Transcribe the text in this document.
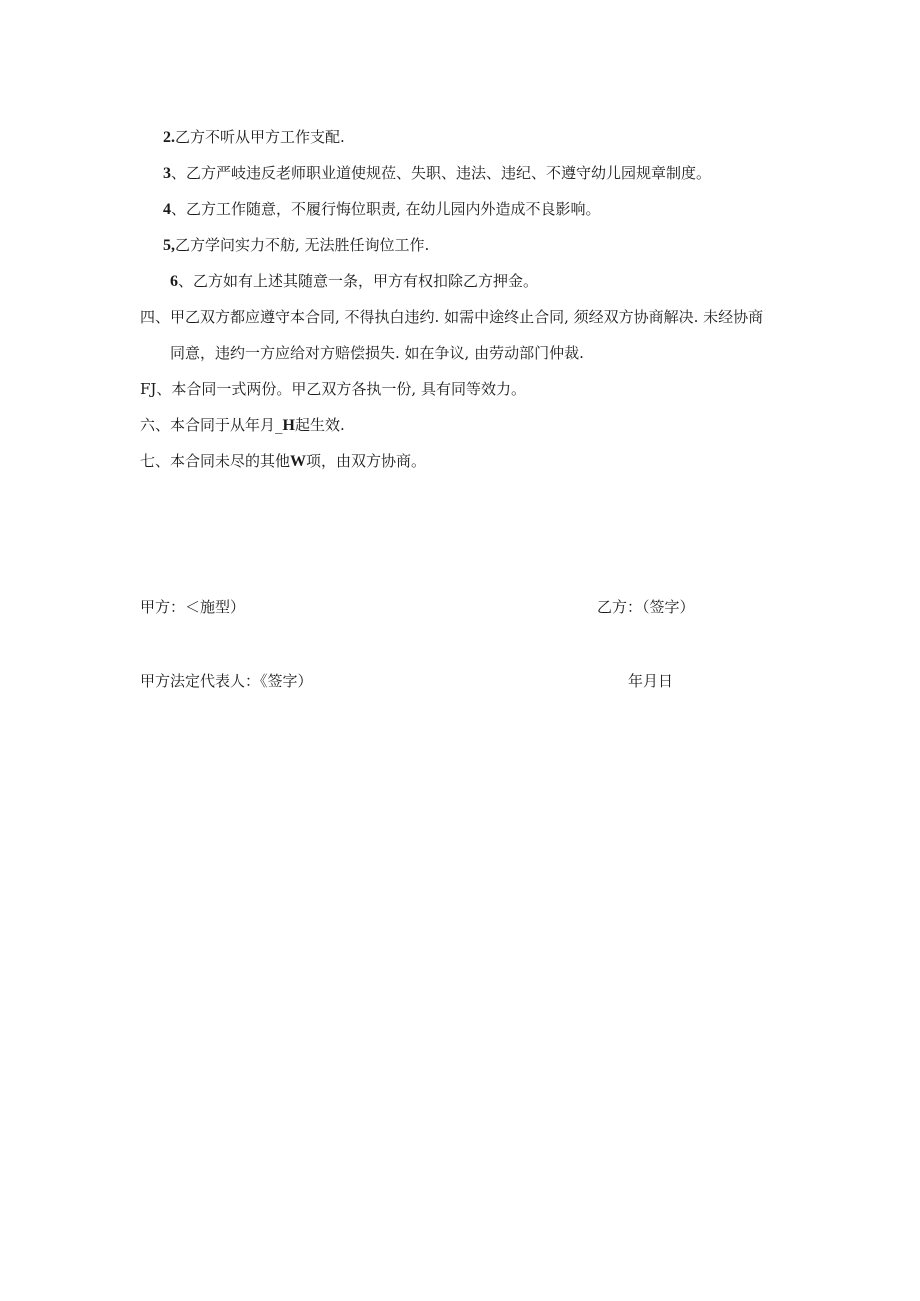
2.乙方不听从甲方工作支配.
3、乙方严岐违反老师职业道使规莅、失职、违法、违纪、不遵守幼儿园规章制度。
4、乙方工作随意，不履行悔位职责, 在幼儿园内外造成不良影响。
5,乙方学问实力不舫, 无法胜任询位工作.
6、乙方如有上述其随意一条，甲方有权扣除乙方押金。
四、甲乙双方都应遵守本合同, 不得执白违约. 如需中途终止合同, 须经双方协商解决. 未经协商
同意，违约一方应给对方赔偿损失. 如在争议, 由劳动部门仲裁.
FJ、本合同一式两份。甲乙双方各执一份, 具有同等效力。
六、本合同于从年月_H起生效.
七、本合同未尽的其他W项，由双方协商。
甲方：＜施型）	乙方：（签字）
甲方法定代表人：《签字）	年月日
